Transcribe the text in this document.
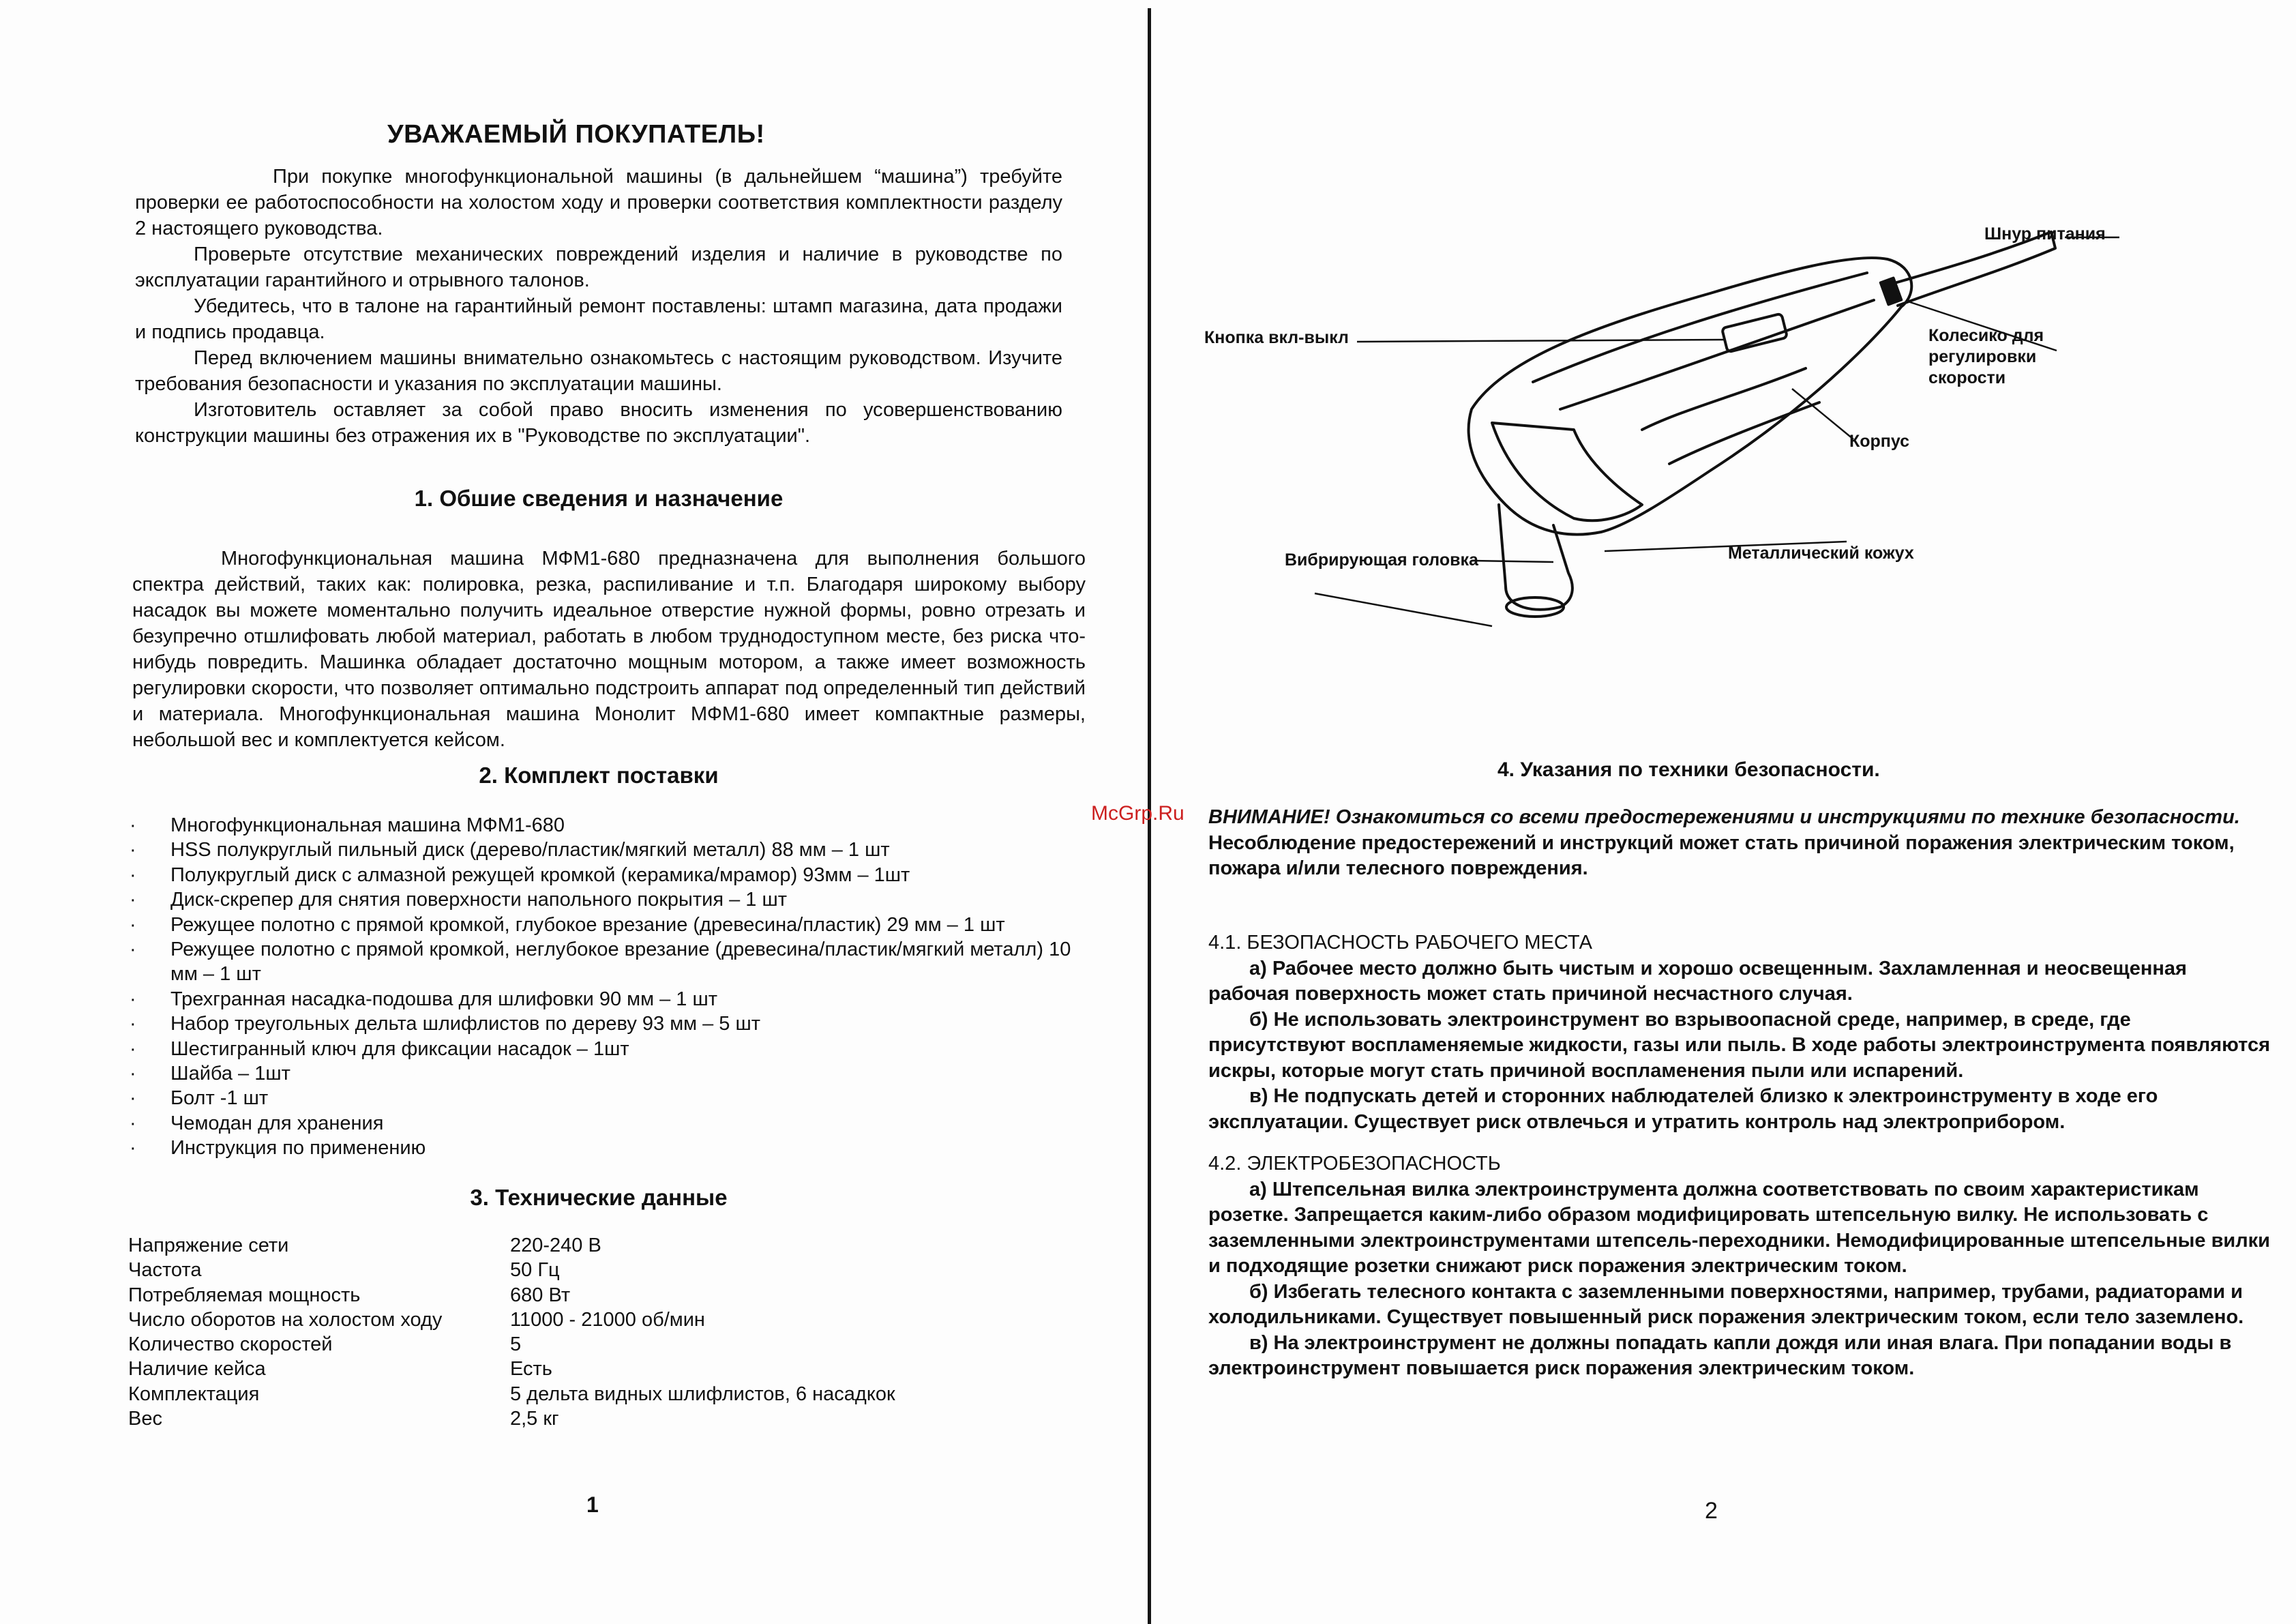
УВАЖАЕМЫЙ ПОКУПАТЕЛЬ!

При покупке многофункциональной машины (в дальнейшем “машина”) требуйте проверки ее работоспособности на холостом ходу и проверки соответствия комплектности разделу 2 настоящего руководства.

Проверьте отсутствие механических повреждений изделия и наличие в руководстве по эксплуатации гарантийного и отрывного талонов.

Убедитесь, что в талоне на гарантийный ремонт поставлены: штамп магазина, дата продажи и подпись продавца.

Перед включением машины внимательно ознакомьтесь с настоящим руководством. Изучите требования безопасности и указания по эксплуатации машины.

Изготовитель оставляет за собой право вносить изменения по усовершенствованию конструкции машины без отражения их в "Руководстве по эксплуатации".

1. Обшие сведения и назначение

Многофункциональная машина МФМ1-680 предназначена для выполнения большого спектра действий, таких как: полировка, резка, распиливание и т.п. Благодаря широкому выбору насадок вы можете моментально получить идеальное отверстие нужной формы, ровно отрезать и безупречно отшлифовать любой материал, работать в любом труднодоступном месте, без риска что-нибудь повредить. Машинка обладает достаточно мощным мотором, а также имеет возможность регулировки скорости, что позволяет оптимально подстроить аппарат под определенный тип действий и материала. Многофункциональная машина Монолит МФМ1-680 имеет компактные размеры, небольшой вес и комплектуется кейсом.

2. Комплект поставки
· Многофункциональная машина МФМ1-680
· HSS полукруглый пильный диск (дерево/пластик/мягкий металл) 88 мм – 1 шт
· Полукруглый диск с алмазной режущей кромкой (керамика/мрамор) 93мм – 1шт
· Диск-скрепер для снятия поверхности напольного покрытия – 1 шт
· Режущее полотно с прямой кромкой, глубокое врезание (древесина/пластик) 29 мм – 1 шт
· Режущее полотно с прямой кромкой, неглубокое врезание (древесина/пластик/мягкий металл) 10 мм – 1 шт
· Трехгранная насадка-подошва для шлифовки 90 мм – 1 шт
· Набор треугольных дельта шлифлистов по дереву 93 мм – 5 шт
· Шестигранный ключ для фиксации насадок – 1шт
· Шайба – 1шт
· Болт -1 шт
· Чемодан для хранения
· Инструкция по применению
3. Технические данные
Напряжение сети	220-240 В
Частота	50 Гц
Потребляемая мощность	680 Вт
Число оборотов на холостом ходу	11000 - 21000 об/мин
Количество скоростей	5
Наличие кейса	Есть
Комплектация	5 дельта видных шлифлистов, 6 насадкок
Вес	2,5 кг
1
Шнур питания
Кнопка вкл-выкл	Колесико для регулировки скорости
Корпус
Вибрирующая головка	Металлический кожух
4. Указания по техники безопасности.
McGrp.Ru ВНИМАНИЕ! Ознакомиться со всеми предостережениями и инструкциями по технике безопасности.

Несоблюдение предостережений и инструкций может стать причиной поражения электрическим током, пожара и/или телесного повреждения.

4.1. БЕЗОПАСНОСТЬ РАБОЧЕГО МЕСТА

а) Рабочее место должно быть чистым и хорошо освещенным. Захламленная и неосвещенная рабочая поверхность может стать причиной несчастного случая.

б) Не использовать электроинструмент во взрывоопасной среде, например, в среде, где присутствуют воспламеняемые жидкости, газы или пыль. В ходе работы электроинструмента появляются искры, которые могут стать причиной воспламенения пыли или испарений.

в) Не подпускать детей и сторонних наблюдателей близко к электроинструменту в ходе его эксплуатации. Существует риск отвлечься и утратить контроль над электроприбором.

4.2. ЭЛЕКТРОБЕЗОПАСНОСТЬ

а) Штепсельная вилка электроинструмента должна соответствовать по своим характеристикам розетке. Запрещается каким-либо образом модифицировать штепсельную вилку. Не использовать с заземленными электроинструментами штепсель-переходники. Немодифицированные штепсельные вилки и подходящие розетки снижают риск поражения электрическим током.

б) Избегать телесного контакта с заземленными поверхностями, например, трубами, радиаторами и холодильниками. Существует повышенный риск поражения электрическим током, если тело заземлено.

в) На электроинструмент не должны попадать капли дождя или иная влага. При попадании воды в электроинструмент повышается риск поражения электрическим током.

2
